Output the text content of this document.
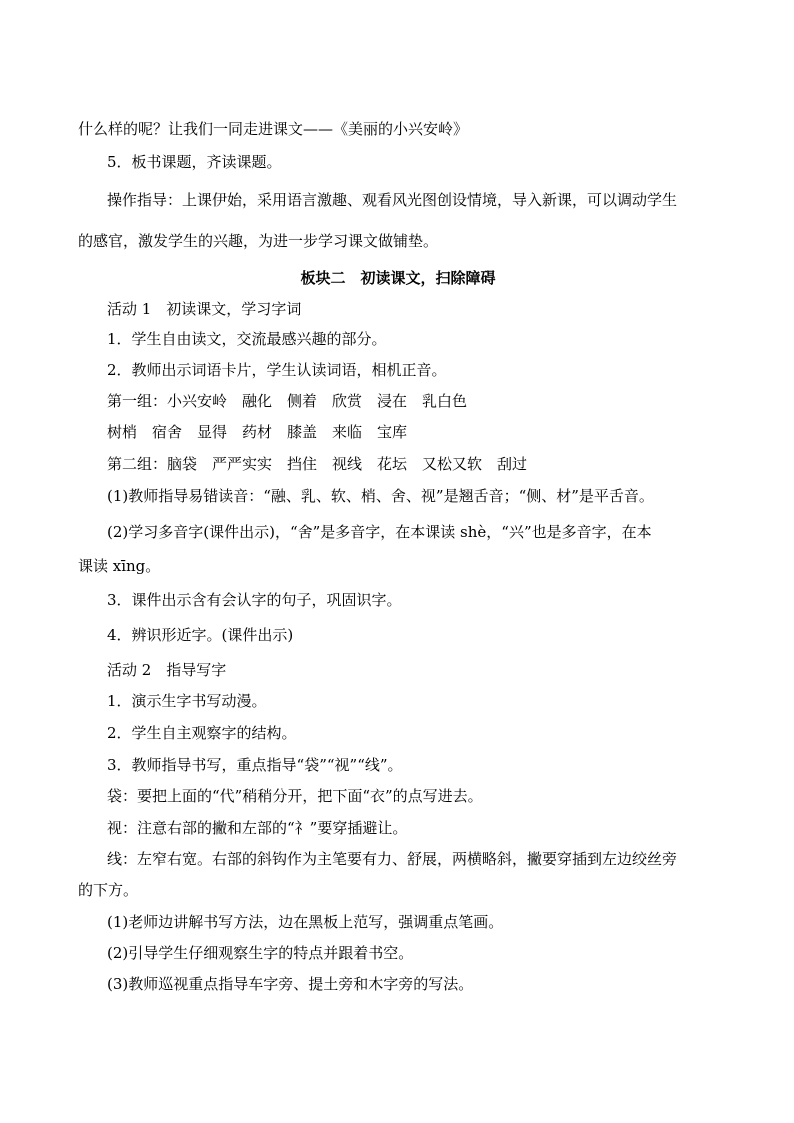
什么样的呢？让我们一同走进课文——《美丽的小兴安岭》
5．板书课题，齐读课题。
操作指导：上课伊始，采用语言激趣、观看风光图创设情境，导入新课，可以调动学生
的感官，激发学生的兴趣，为进一步学习课文做铺垫。
板块二　初读课文，扫除障碍
活动 1　初读课文，学习字词
1．学生自由读文，交流最感兴趣的部分。
2．教师出示词语卡片，学生认读词语，相机正音。
第一组：小兴安岭　融化　侧着　欣赏　浸在　乳白色
树梢　宿舍　显得　药材　膝盖　来临　宝库
第二组：脑袋　严严实实　挡住　视线　花坛　又松又软　刮过
(1)教师指导易错读音：“融、乳、软、梢、舍、视”是翘舌音；“侧、材”是平舌音。
(2)学习多音字(课件出示)，“舍”是多音字，在本课读 shè，“兴”也是多音字，在本
课读 xīng。
3．课件出示含有会认字的句子，巩固识字。
4．辨识形近字。(课件出示)
活动 2　指导写字
1．演示生字书写动漫。
2．学生自主观察字的结构。
3．教师指导书写，重点指导“袋”“视”“线”。
袋：要把上面的“代”稍稍分开，把下面“衣”的点写进去。
视：注意右部的撇和左部的“礻”要穿插避让。
线：左窄右宽。右部的斜钩作为主笔要有力、舒展，两横略斜，撇要穿插到左边绞丝旁
的下方。
(1)老师边讲解书写方法，边在黑板上范写，强调重点笔画。
(2)引导学生仔细观察生字的特点并跟着书空。
(3)教师巡视重点指导车字旁、提土旁和木字旁的写法。
